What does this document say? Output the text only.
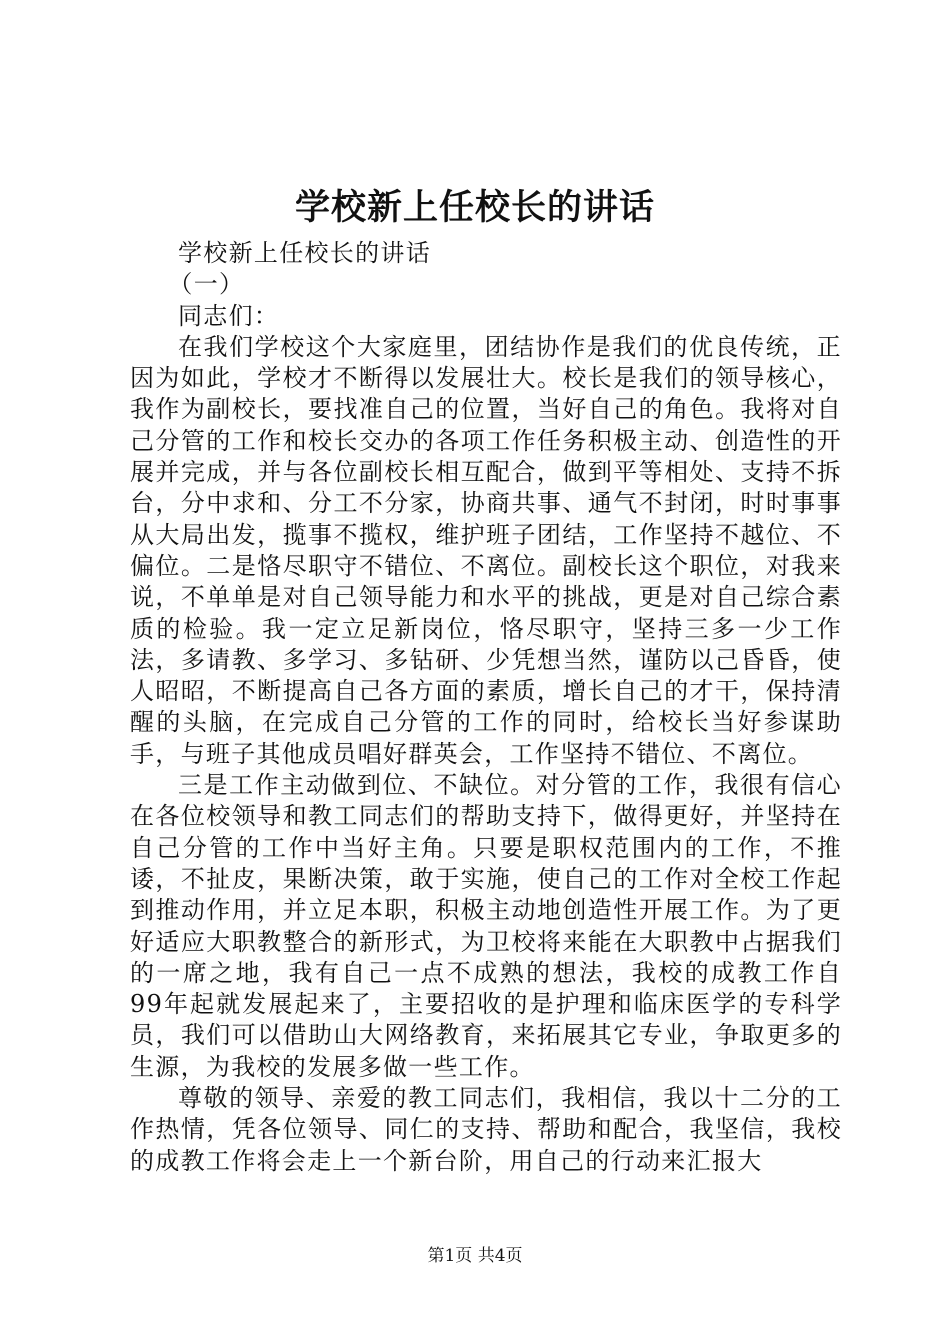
学校新上任校长的讲话

学校新上任校长的讲话

（一）

同志们：

在我们学校这个大家庭里，团结协作是我们的优良传统，正因为如此，学校才不断得以发展壮大。校长是我们的领导核心，我作为副校长，要找准自己的位置，当好自己的角色。我将对自己分管的工作和校长交办的各项工作任务积极主动、创造性的开展并完成，并与各位副校长相互配合，做到平等相处、支持不拆台，分中求和、分工不分家，协商共事、通气不封闭，时时事事从大局出发，揽事不揽权，维护班子团结，工作坚持不越位、不偏位。二是恪尽职守不错位、不离位。副校长这个职位，对我来说，不单单是对自己领导能力和水平的挑战，更是对自己综合素质的检验。我一定立足新岗位，恪尽职守，坚持三多一少工作法，多请教、多学习、多钻研、少凭想当然，谨防以己昏昏，使人昭昭，不断提高自己各方面的素质，增长自己的才干，保持清醒的头脑，在完成自己分管的工作的同时，给校长当好参谋助手，与班子其他成员唱好群英会，工作坚持不错位、不离位。

三是工作主动做到位、不缺位。对分管的工作，我很有信心在各位校领导和教工同志们的帮助支持下，做得更好，并坚持在自己分管的工作中当好主角。只要是职权范围内的工作，不推诿，不扯皮，果断决策，敢于实施，使自己的工作对全校工作起到推动作用，并立足本职，积极主动地创造性开展工作。为了更好适应大职教整合的新形式，为卫校将来能在大职教中占据我们的一席之地，我有自己一点不成熟的想法，我校的成教工作自99年起就发展起来了，主要招收的是护理和临床医学的专科学员，我们可以借助山大网络教育，来拓展其它专业，争取更多的生源，为我校的发展多做一些工作。

尊敬的领导、亲爱的教工同志们，我相信，我以十二分的工作热情，凭各位领导、同仁的支持、帮助和配合，我坚信，我校的成教工作将会走上一个新台阶，用自己的行动来汇报大

第1页 共4页
